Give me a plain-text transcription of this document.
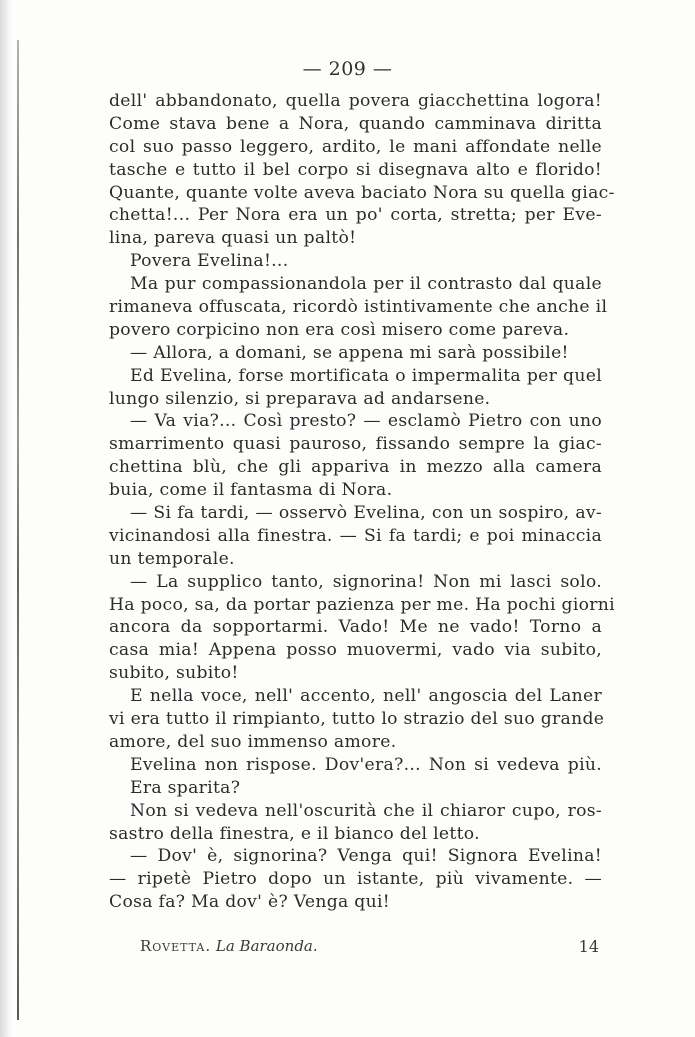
— 209 —
dell' abbandonato, quella povera giacchettina logora!
Come stava bene a Nora, quando camminava diritta
col suo passo leggero, ardito, le mani affondate nelle
tasche e tutto il bel corpo si disegnava alto e florido!
Quante, quante volte aveva baciato Nora su quella giac-
chetta!... Per Nora era un po' corta, stretta; per Eve-
lina, pareva quasi un paltò!
Povera Evelina!...
Ma pur compassionandola per il contrasto dal quale
rimaneva offuscata, ricordò istintivamente che anche il
povero corpicino non era così misero come pareva.
— Allora, a domani, se appena mi sarà possibile!
Ed Evelina, forse mortificata o impermalita per quel
lungo silenzio, si preparava ad andarsene.
— Va via?... Così presto? — esclamò Pietro con uno
smarrimento quasi pauroso, fissando sempre la giac-
chettina blù, che gli appariva in mezzo alla camera
buia, come il fantasma di Nora.
— Si fa tardi, — osservò Evelina, con un sospiro, av-
vicinandosi alla finestra. — Si fa tardi; e poi minaccia
un temporale.
— La supplico tanto, signorina! Non mi lasci solo.
Ha poco, sa, da portar pazienza per me. Ha pochi giorni
ancora da sopportarmi. Vado! Me ne vado! Torno a
casa mia! Appena posso muovermi, vado via subito,
subito, subito!
E nella voce, nell' accento, nell' angoscia del Laner
vi era tutto il rimpianto, tutto lo strazio del suo grande
amore, del suo immenso amore.
Evelina non rispose. Dov'era?... Non si vedeva più.
Era sparita?
Non si vedeva nell'oscurità che il chiaror cupo, ros-
sastro della finestra, e il bianco del letto.
— Dov' è, signorina? Venga qui! Signora Evelina!
— ripetè Pietro dopo un istante, più vivamente. —
Cosa fa? Ma dov' è? Venga qui!
Rovetta. La Baraonda.	14
